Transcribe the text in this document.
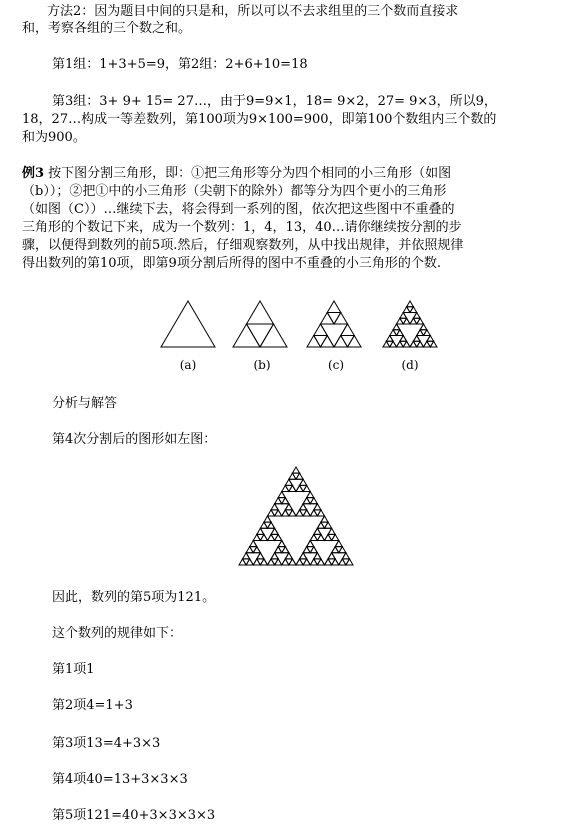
方法2：因为题目中间的只是和，所以可以不去求组里的三个数而直接求
和，考察各组的三个数之和。
第1组：1+3+5=9，第2组：2+6+10=18
第3组：3+ 9+ 15= 27…，由于9=9×1，18= 9×2，27= 9×3，所以9，
18，27…构成一等差数列，第100项为9×100=900，即第100个数组内三个数的
和为900。
例3 按下图分割三角形，即：①把三角形等分为四个相同的小三角形（如图
（b））；②把①中的小三角形（尖朝下的除外）都等分为四个更小的三角形
（如图（C））…继续下去，将会得到一系列的图，依次把这些图中不重叠的
三角形的个数记下来，成为一个数列：1，4，13，40…请你继续按分割的步
骤，以便得到数列的前5项.然后，仔细观察数列，从中找出规律，并依照规律
得出数列的第10项，即第9项分割后所得的图中不重叠的小三角形的个数.
(a)	(b)	(c)	(d)
分析与解答
第4次分割后的图形如左图：
因此，数列的第5项为121。
这个数列的规律如下：
第1项1
第2项4=1+3
第3项13=4+3×3
第4项40=13+3×3×3
第5项121=40+3×3×3×3
